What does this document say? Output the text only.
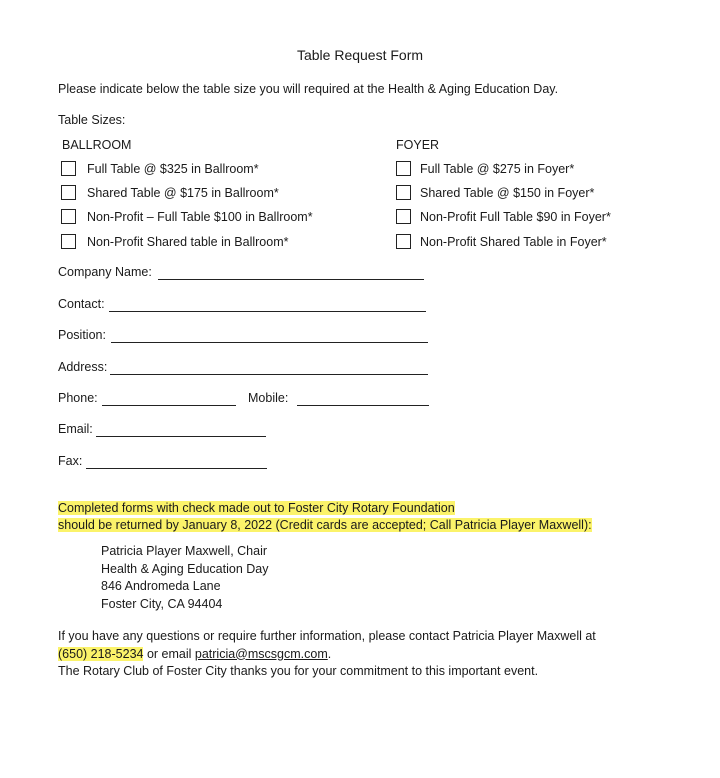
Table Request Form
Please indicate below the table size you will required at the Health & Aging Education Day.
Table Sizes:
BALLROOM
Full Table @ $325 in Ballroom*
Shared Table @ $175 in Ballroom*
Non-Profit – Full Table $100 in Ballroom*
Non-Profit Shared table in Ballroom*
FOYER
Full Table @ $275 in Foyer*
Shared Table @ $150 in Foyer*
Non-Profit Full Table $90 in Foyer*
Non-Profit Shared Table in Foyer*
Company Name:
Contact:
Position:
Address:
Phone:	Mobile:
Email:
Fax:
Completed forms with check made out to Foster City Rotary Foundation
should be returned by January 8, 2022 (Credit cards are accepted; Call Patricia Player Maxwell):
Patricia Player Maxwell, Chair
Health & Aging Education Day
846 Andromeda Lane
Foster City, CA 94404
If you have any questions or require further information, please contact Patricia Player Maxwell at
(650) 218-5234 or email patricia@mscsgcm.com.
The Rotary Club of Foster City thanks you for your commitment to this important event.
